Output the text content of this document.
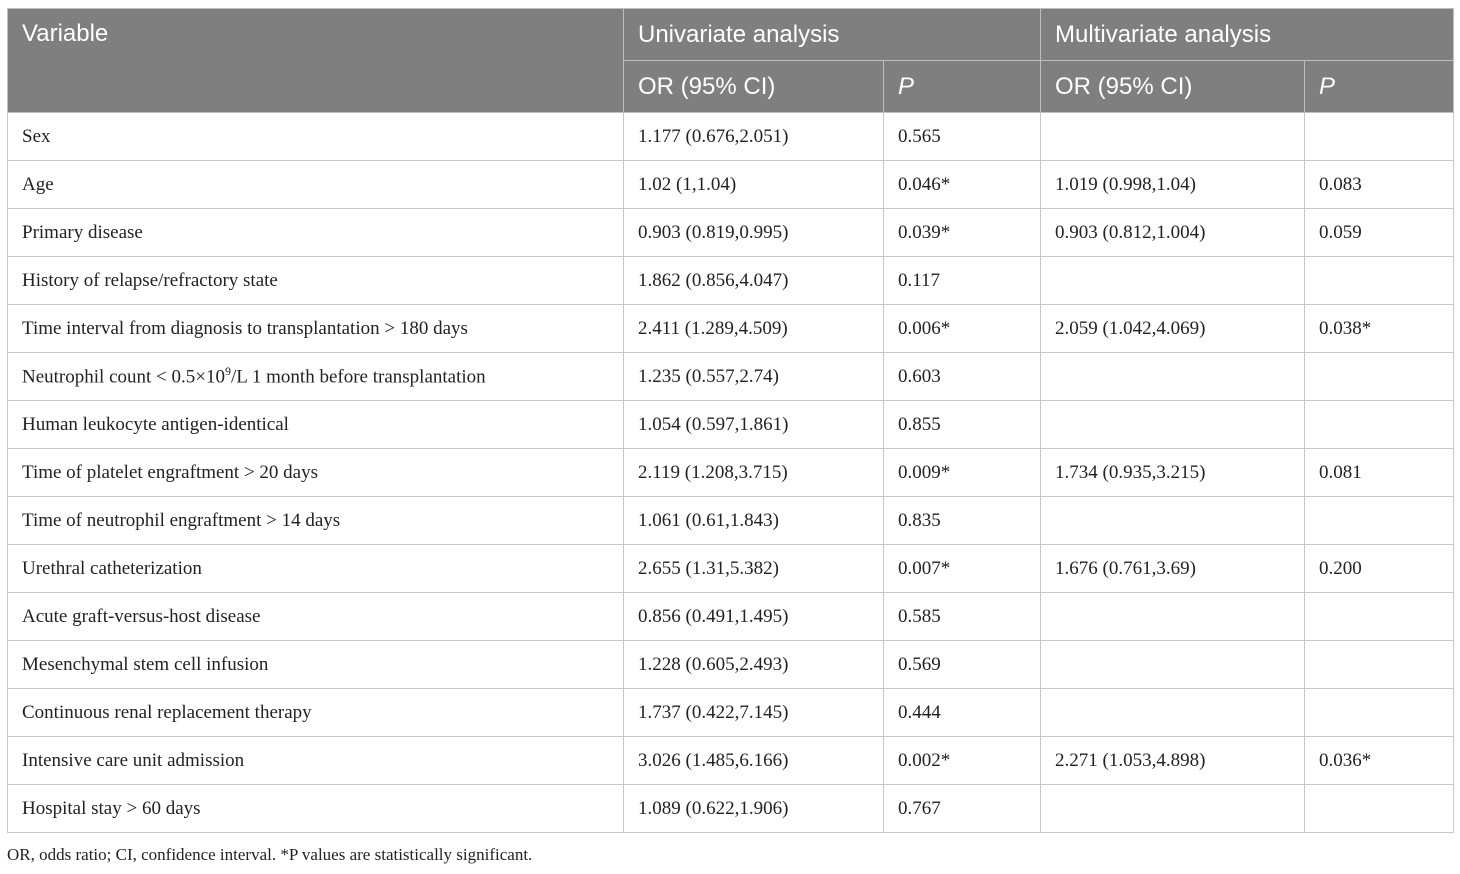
Variable	Univariate analysis		Multivariate analysis	
	OR (95% CI)	P	OR (95% CI)	P
Sex	1.177 (0.676,2.051)	0.565		
Age	1.02 (1,1.04)	0.046*	1.019 (0.998,1.04)	0.083
Primary disease	0.903 (0.819,0.995)	0.039*	0.903 (0.812,1.004)	0.059
History of relapse/refractory state	1.862 (0.856,4.047)	0.117		
Time interval from diagnosis to transplantation > 180 days	2.411 (1.289,4.509)	0.006*	2.059 (1.042,4.069)	0.038*
Neutrophil count < $0.5\times 10^9/L$ 1 month before transplantation	1.235 (0.557,2.74)	0.603		
Human leukocyte antigen-identical	1.054 (0.597,1.861)	0.855		
Time of platelet engraftment > 20 days	2.119 (1.208,3.715)	0.009*	1.734 (0.935,3.215)	0.081
Time of neutrophil engraftment > 14 days	1.061 (0.61,1.843)	0.835		
Urethral catheterization	2.655 (1.31,5.382)	0.007*	1.676 (0.761,3.69)	0.200
Acute graft-versus-host disease	0.856 (0.491,1.495)	0.585		
Mesenchymal stem cell infusion	1.228 (0.605,2.493)	0.569		
Continuous renal replacement therapy	1.737 (0.422,7.145)	0.444		
Intensive care unit admission	3.026 (1.485,6.166)	0.002*	2.271 (1.053,4.898)	0.036*
Hospital stay > 60 days	1.089 (0.622,1.906)	0.767		
OR, odds ratio; CI, confidence interval. *P values are statistically significant.
